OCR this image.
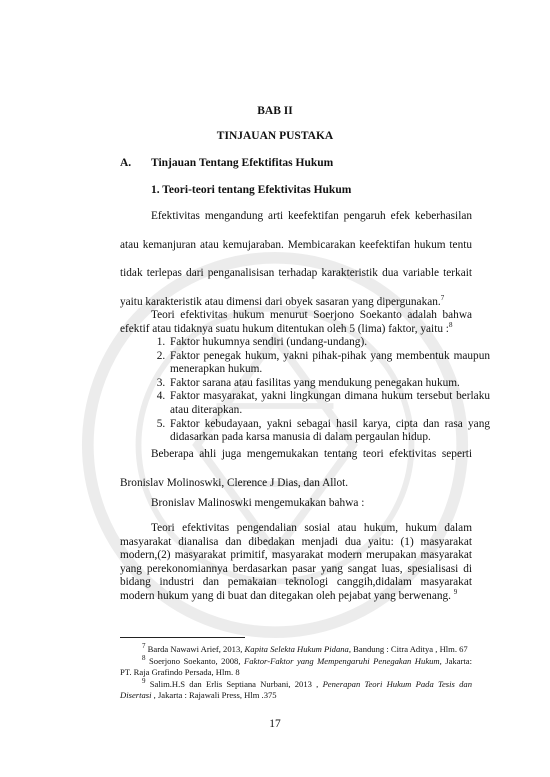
BAB II
TINJAUAN PUSTAKA
A. Tinjauan Tentang Efektifitas Hukum
1. Teori-teori tentang Efektivitas Hukum
Efektivitas mengandung arti keefektifan pengaruh efek keberhasilan atau kemanjuran atau kemujaraban. Membicarakan keefektifan hukum tentu tidak terlepas dari penganalisisan terhadap karakteristik dua variable terkait yaitu karakteristik atau dimensi dari obyek sasaran yang dipergunakan.$^7$
Teori efektivitas hukum menurut Soerjono Soekanto adalah bahwa efektif atau tidaknya suatu hukum ditentukan oleh 5 (lima) faktor, yaitu :$^8$
1. Faktor hukumnya sendiri (undang-undang).
2. Faktor penegak hukum, yakni pihak-pihak yang membentuk maupun menerapkan hukum.
3. Faktor sarana atau fasilitas yang mendukung penegakan hukum.
4. Faktor masyarakat, yakni lingkungan dimana hukum tersebut berlaku atau diterapkan.
5. Faktor kebudayaan, yakni sebagai hasil karya, cipta dan rasa yang didasarkan pada karsa manusia di dalam pergaulan hidup.
Beberapa ahli juga mengemukakan tentang teori efektivitas seperti Bronislav Molinoswki, Clerence J Dias, dan Allot.
Bronislav Malinoswki mengemukakan bahwa :
Teori efektivitas pengendalian sosial atau hukum, hukum dalam masyarakat dianalisa dan dibedakan menjadi dua yaitu: (1) masyarakat modern,(2) masyarakat primitif, masyarakat modern merupakan masyarakat yang perekonomiannya berdasarkan pasar yang sangat luas, spesialisasi di bidang industri dan pemakaian teknologi canggih,didalam masyarakat modern hukum yang di buat dan ditegakan oleh pejabat yang berwenang. $^9$
$^7$ Barda Nawawi Arief, 2013, Kapita Selekta Hukum Pidana, Bandung : Citra Aditya , Hlm. 67
$^8$ Soerjono Soekanto, 2008, Faktor-Faktor yang Mempengaruhi Penegakan Hukum, Jakarta: PT. Raja Grafindo Persada, Hlm. 8
$^9$ Salim.H.S dan Erlis Septiana Nurbani, 2013 , Penerapan Teori Hukum Pada Tesis dan Disertasi , Jakarta : Rajawali Press, Hlm .375
17
